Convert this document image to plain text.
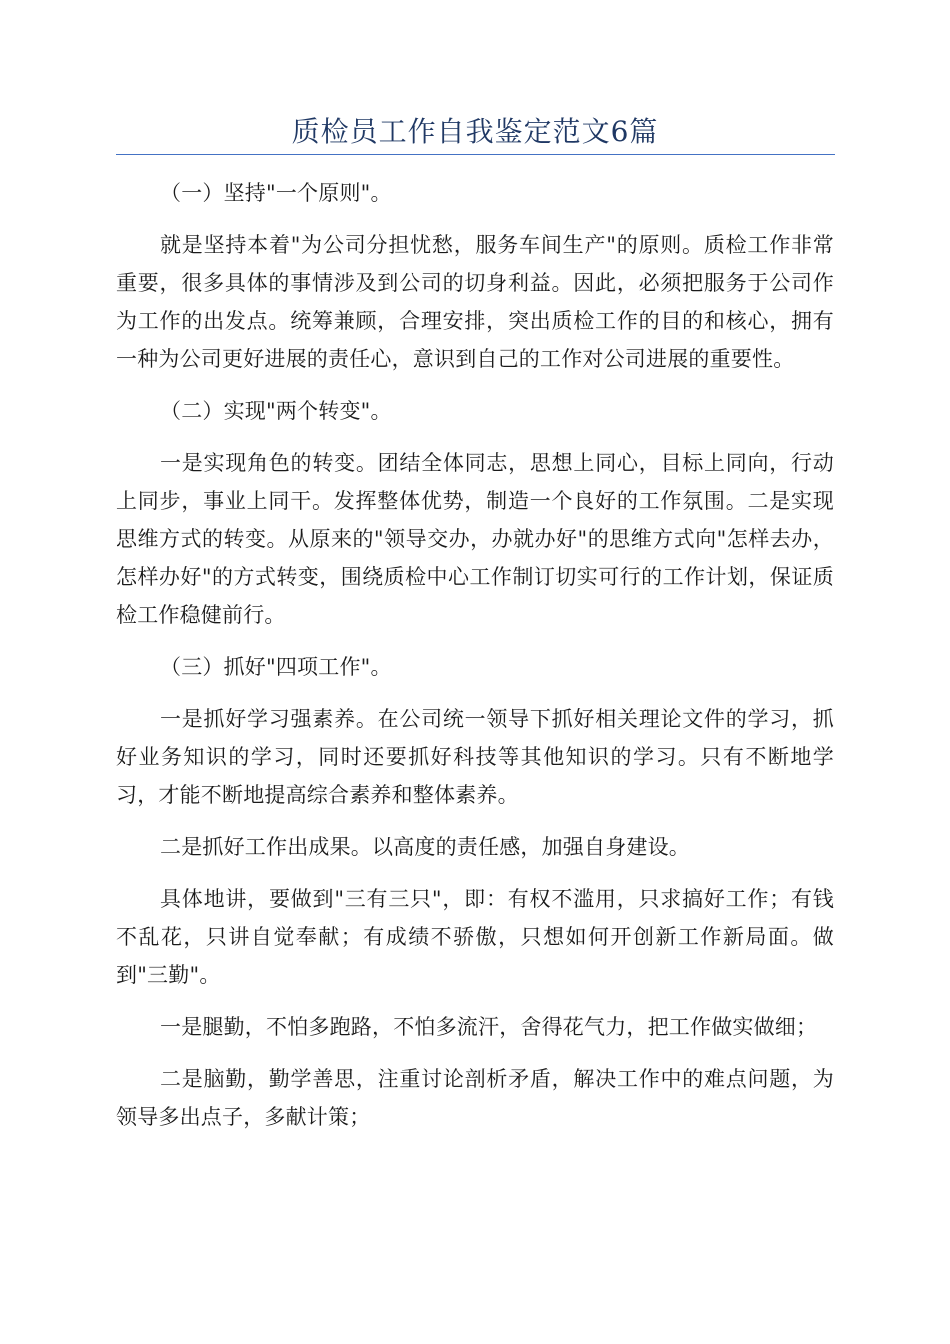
质检员工作自我鉴定范文6篇

（一）坚持"一个原则"。

就是坚持本着"为公司分担忧愁，服务车间生产"的原则。质检工作非常重要，很多具体的事情涉及到公司的切身利益。因此，必须把服务于公司作为工作的出发点。统筹兼顾，合理安排，突出质检工作的目的和核心，拥有一种为公司更好进展的责任心，意识到自己的工作对公司进展的重要性。

（二）实现"两个转变"。

一是实现角色的转变。团结全体同志，思想上同心，目标上同向，行动上同步，事业上同干。发挥整体优势，制造一个良好的工作氛围。二是实现思维方式的转变。从原来的"领导交办，办就办好"的思维方式向"怎样去办，怎样办好"的方式转变，围绕质检中心工作制订切实可行的工作计划，保证质检工作稳健前行。

（三）抓好"四项工作"。

一是抓好学习强素养。在公司统一领导下抓好相关理论文件的学习，抓好业务知识的学习，同时还要抓好科技等其他知识的学习。只有不断地学习，才能不断地提高综合素养和整体素养。

二是抓好工作出成果。以高度的责任感，加强自身建设。

具体地讲，要做到"三有三只"，即：有权不滥用，只求搞好工作；有钱不乱花，只讲自觉奉献；有成绩不骄傲，只想如何开创新工作新局面。做到"三勤"。

一是腿勤，不怕多跑路，不怕多流汗，舍得花气力，把工作做实做细；

二是脑勤，勤学善思，注重讨论剖析矛盾，解决工作中的难点问题，为领导多出点子，多献计策；
